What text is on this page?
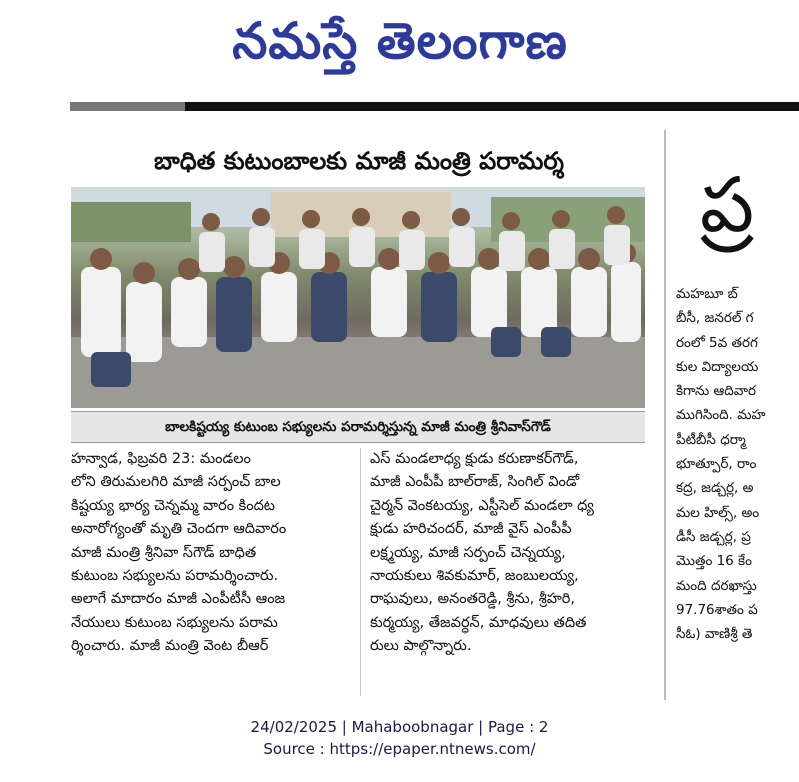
నమస్తే తెలంగాణ
బాధిత కుటుంబాలకు మాజీ మంత్రి పరామర్శ
బాలకిష్టయ్య కుటుంబ సభ్యులను పరామర్శిస్తున్న మాజీ మంత్రి శ్రీనివాస్‌గౌడ్
హన్వాడ, ఫిబ్రవరి 23: మండలం
లోని తిరుమలగిరి మాజీ సర్పంచ్ బాల
కిష్టయ్య భార్య చెన్నమ్మ వారం కిందట
అనారోగ్యంతో మృతి చెందగా ఆదివారం
మాజీ మంత్రి శ్రీనివా స్‌గౌడ్ బాధిత
కుటుంబ సభ్యులను పరామర్శించారు.
అలాగే మాదారం మాజీ ఎంపీటీసీ ఆంజ
నేయులు కుటుంబ సభ్యులను పరామ
ర్శించారు. మాజీ మంత్రి వెంట బీఆర్
ఎస్ మండలాధ్య క్షుడు కరుణాకర్‌గౌడ్,
మాజీ ఎంపీపీ బాల్‌రాజ్, సింగిల్ విండో
చైర్మన్ వెంకటయ్య, ఎస్టీసెల్ మండలా ధ్య
క్షుడు హరిచందర్, మాజీ వైస్ ఎంపీపీ
లక్ష్మయ్య, మాజీ సర్పంచ్ చెన్నయ్య,
నాయకులు శివకుమార్, జంబులయ్య,
రాఘవులు, అనంతరెడ్డి, శ్రీను, శ్రీహరి,
కుర్మయ్య, తేజవర్ధన్, మాధవులు తదిత
రులు పాల్గొన్నారు.
ప్ర
మహబూ బ్
బీసీ, జనరల్ గ
రంలో 5వ తరగ
కుల విద్యాలయ
కిగాను ఆదివార
ముగిసింది. మహ
పీటీబీసీ ధర్మా
భూత్పూర్, రాం
కద్ర, జడ్చర్ల, అ
మల హిల్స్, అం
డీసీ జడ్చర్ల, ప్ర
మొత్తం 16 కేం
మంది దరఖాస్తు
97.76శాతం ప
సీఓ) వాణిశ్రీ తె
24/02/2025 | Mahaboobnagar | Page : 2
Source : https://epaper.ntnews.com/
